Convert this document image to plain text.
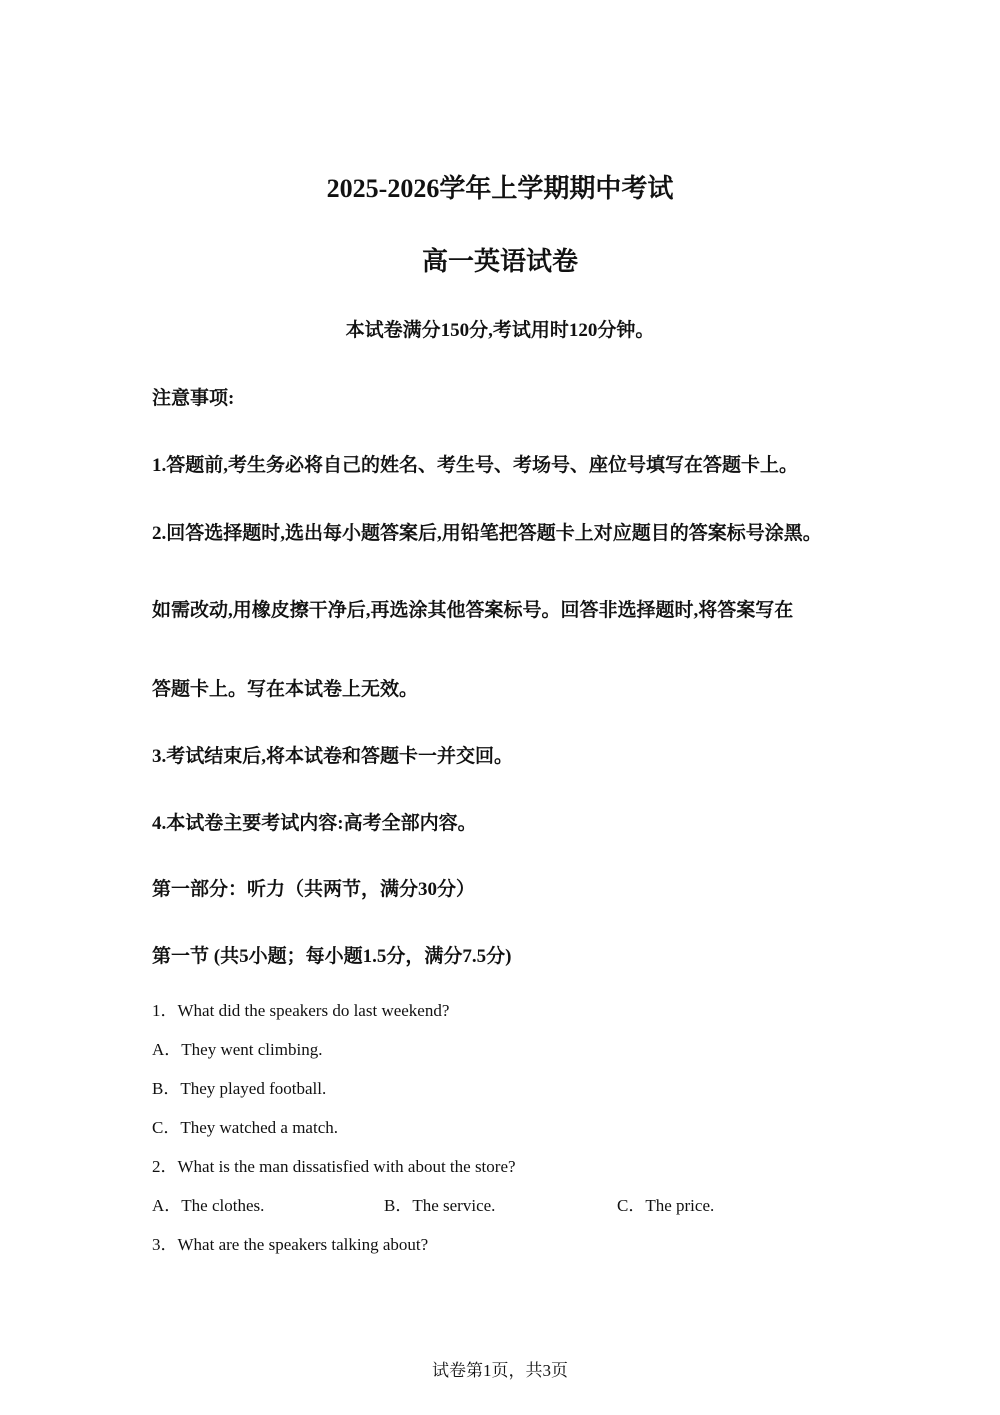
2025-2026学年上学期期中考试
高一英语试卷
本试卷满分150分,考试用时120分钟。
注意事项:
1.答题前,考生务必将自己的姓名、考生号、考场号、座位号填写在答题卡上。
2.回答选择题时,选出每小题答案后,用铅笔把答题卡上对应题目的答案标号涂黑。
如需改动,用橡皮擦干净后,再选涂其他答案标号。回答非选择题时,将答案写在
答题卡上。写在本试卷上无效。
3.考试结束后,将本试卷和答题卡一并交回。
4.本试卷主要考试内容:高考全部内容。
第一部分：听力（共两节，满分30分）
第一节 (共5小题；每小题1.5分，满分7.5分)
1．What did the speakers do last weekend?
A．They went climbing.
B．They played football.
C．They watched a match.
2．What is the man dissatisfied with about the store?
A．The clothes.	B．The service.	C．The price.
3．What are the speakers talking about?
试卷第1页，共3页
